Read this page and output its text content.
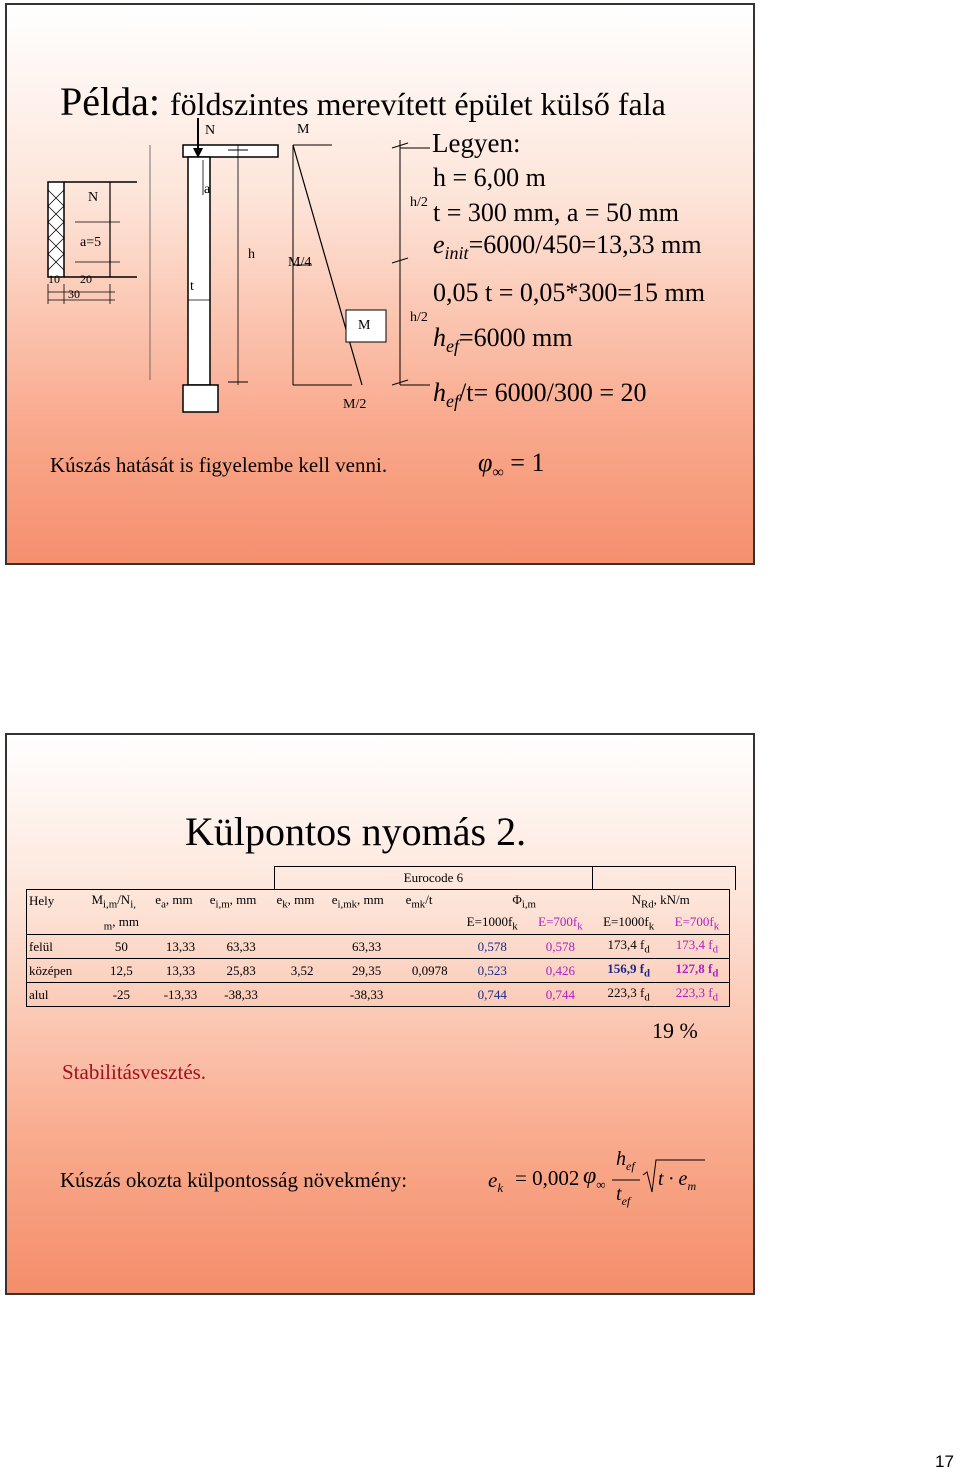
Példa: földszintes merevített épület külső fala
N
a=5
10 20
30
N
a
t
h
M
M/4
M
M/2
h/2
h/2
Legyen:
h = 6,00 m
t = 300 mm, a = 50 mm
$e_{init}=6000/450=13,33$ mm
0,05 t = 0,05*300=15 mm
$h_{ef}=6000$ mm
$h_{ef}/t= 6000/300 = 20$
Kúszás hatását is figyelembe kell venni.	$\varphi_\infty = 1$
Külpontos nyomás 2.
				Eurocode 6							
Hely	$M_{i,m}/N_{i,}$	$e_a$, mm	$e_{i,m}$, mm	$e_k$, mm	$e_{i,mk}$, mm	$e_{mk}/t$	$\Phi_{i,m}$		$N_{Rd}$, kN/m		
	$_m$, mm						$E=1000f_k$	$E=700f_k$	$E=1000f_k$	$E=700f_k$	
felül	50	13,33	63,33		63,33		0,578	0,578	173,4 $f_d$	173,4 $f_d$	
középen	12,5	13,33	25,83	3,52	29,35	0,0978	0,523	0,426	156,9 $f_d$	127,8 $f_d$	
alul	-25	-13,33	-38,33		-38,33		0,744	0,744	223,3 $f_d$	223,3 $f_d$	
19 %
Stabilitásvesztés.
Kúszás okozta külpontosság növekmény:	$e_k = 0,002$ $\varphi_\infty$
$h_{ef}$
$t_{ef}$
$t \cdot e_m$
17
